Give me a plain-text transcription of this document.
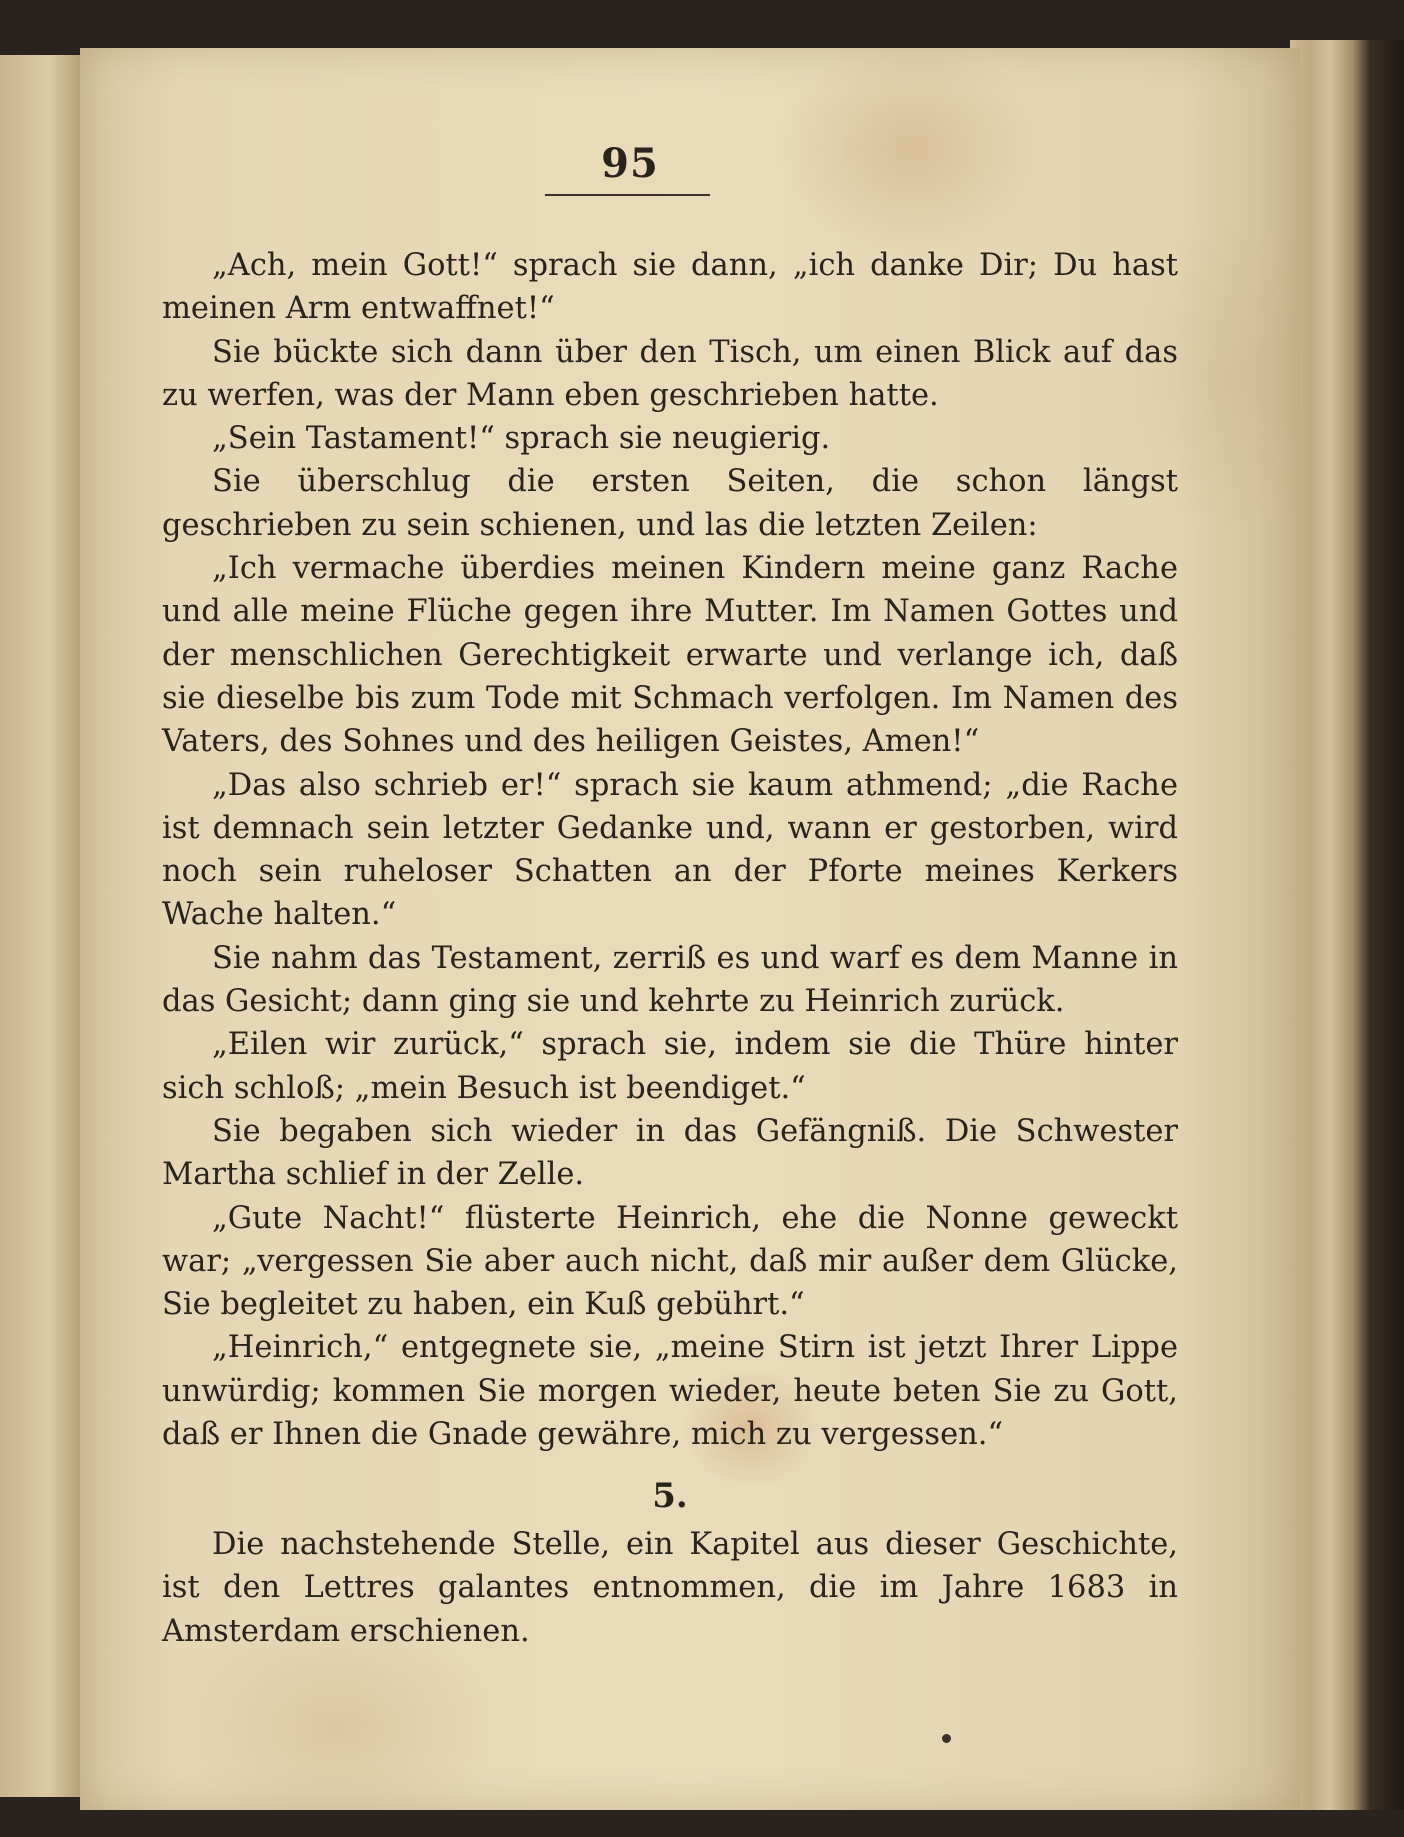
95

„Ach, mein Gott!“ sprach sie dann, „ich danke Dir; Du hast meinen Arm entwaffnet!“

Sie bückte sich dann über den Tisch, um einen Blick auf das zu werfen, was der Mann eben geschrieben hatte.

„Sein Tastament!“ sprach sie neugierig.

Sie überschlug die ersten Seiten, die schon längst geschrieben zu sein schienen, und las die letzten Zeilen:

„Ich vermache überdies meinen Kindern meine ganz Rache und alle meine Flüche gegen ihre Mutter. Im Namen Gottes und der menschlichen Gerechtigkeit erwarte und verlange ich, daß sie dieselbe bis zum Tode mit Schmach verfolgen. Im Namen des Vaters, des Sohnes und des heiligen Geistes, Amen!“

„Das also schrieb er!“ sprach sie kaum athmend; „die Rache ist demnach sein letzter Gedanke und, wann er gestorben, wird noch sein ruheloser Schatten an der Pforte meines Kerkers Wache halten.“

Sie nahm das Testament, zerriß es und warf es dem Manne in das Gesicht; dann ging sie und kehrte zu Heinrich zurück.

„Eilen wir zurück,“ sprach sie, indem sie die Thüre hinter sich schloß; „mein Besuch ist beendiget.“

Sie begaben sich wieder in das Gefängniß. Die Schwester Martha schlief in der Zelle.

„Gute Nacht!“ flüsterte Heinrich, ehe die Nonne geweckt war; „vergessen Sie aber auch nicht, daß mir außer dem Glücke, Sie begleitet zu haben, ein Kuß gebührt.“

„Heinrich,“ entgegnete sie, „meine Stirn ist jetzt Ihrer Lippe unwürdig; kommen Sie morgen wieder, heute beten Sie zu Gott, daß er Ihnen die Gnade gewähre, mich zu vergessen.“

5.

Die nachstehende Stelle, ein Kapitel aus dieser Geschichte, ist den Lettres galantes entnommen, die im Jahre 1683 in Amsterdam erschienen.
